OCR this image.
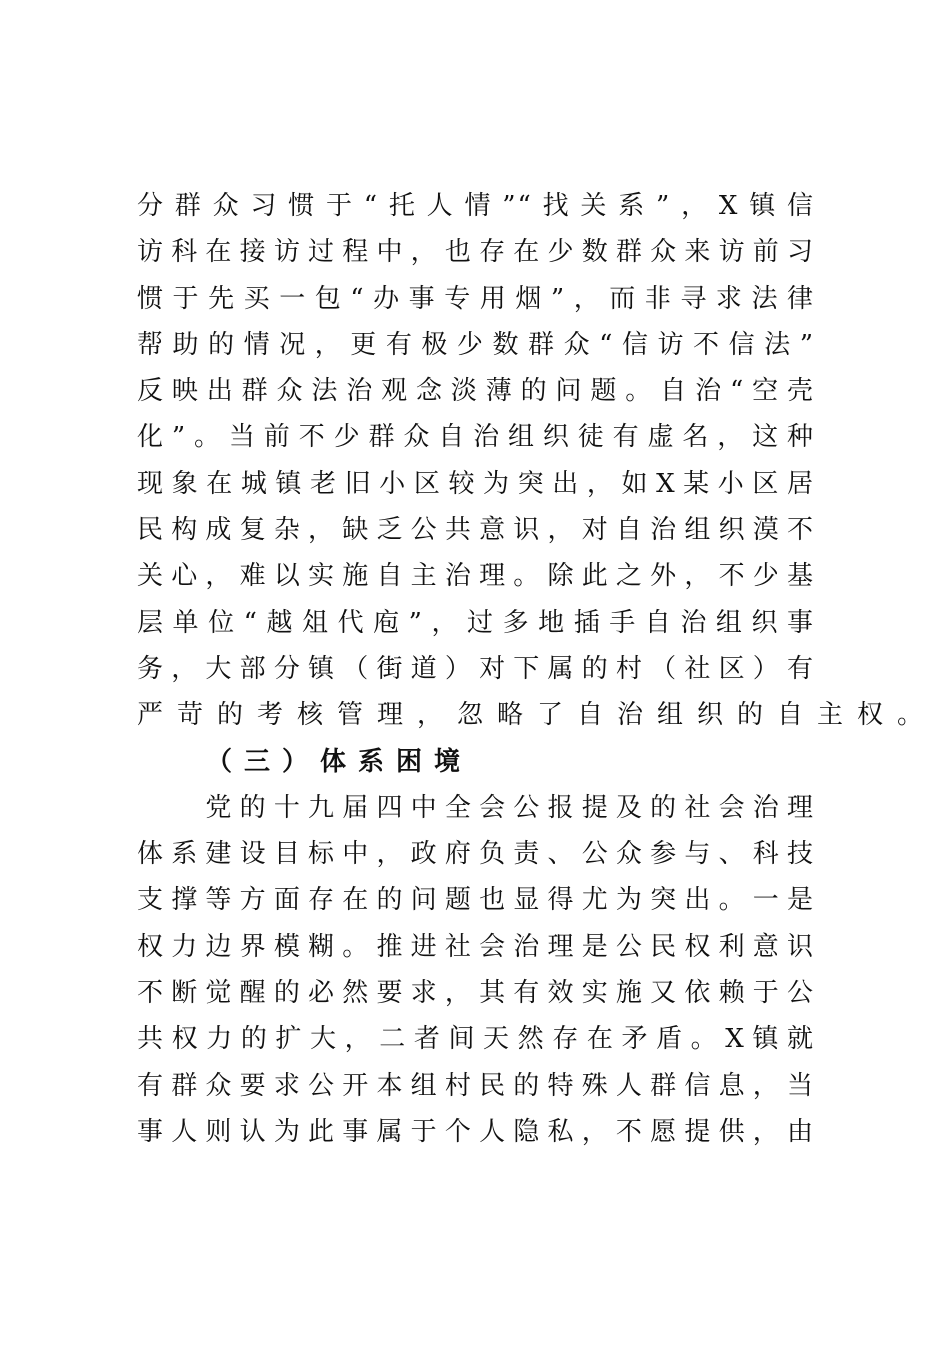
分群众习惯于“托人情”“找关系”，X镇信
访科在接访过程中，也存在少数群众来访前习
惯于先买一包“办事专用烟”，而非寻求法律
帮助的情况，更有极少数群众“信访不信法”
反映出群众法治观念淡薄的问题。自治“空壳
化”。当前不少群众自治组织徒有虚名，这种
现象在城镇老旧小区较为突出，如X某小区居
民构成复杂，缺乏公共意识，对自治组织漠不
关心，难以实施自主治理。除此之外，不少基
层单位“越俎代庖”，过多地插手自治组织事
务，大部分镇（街道）对下属的村（社区）有
严苛的考核管理，忽略了自治组织的自主权。
（三）体系困境
　　党的十九届四中全会公报提及的社会治理
体系建设目标中，政府负责、公众参与、科技
支撑等方面存在的问题也显得尤为突出。一是
权力边界模糊。推进社会治理是公民权利意识
不断觉醒的必然要求，其有效实施又依赖于公
共权力的扩大，二者间天然存在矛盾。X镇就
有群众要求公开本组村民的特殊人群信息，当
事人则认为此事属于个人隐私，不愿提供，由
